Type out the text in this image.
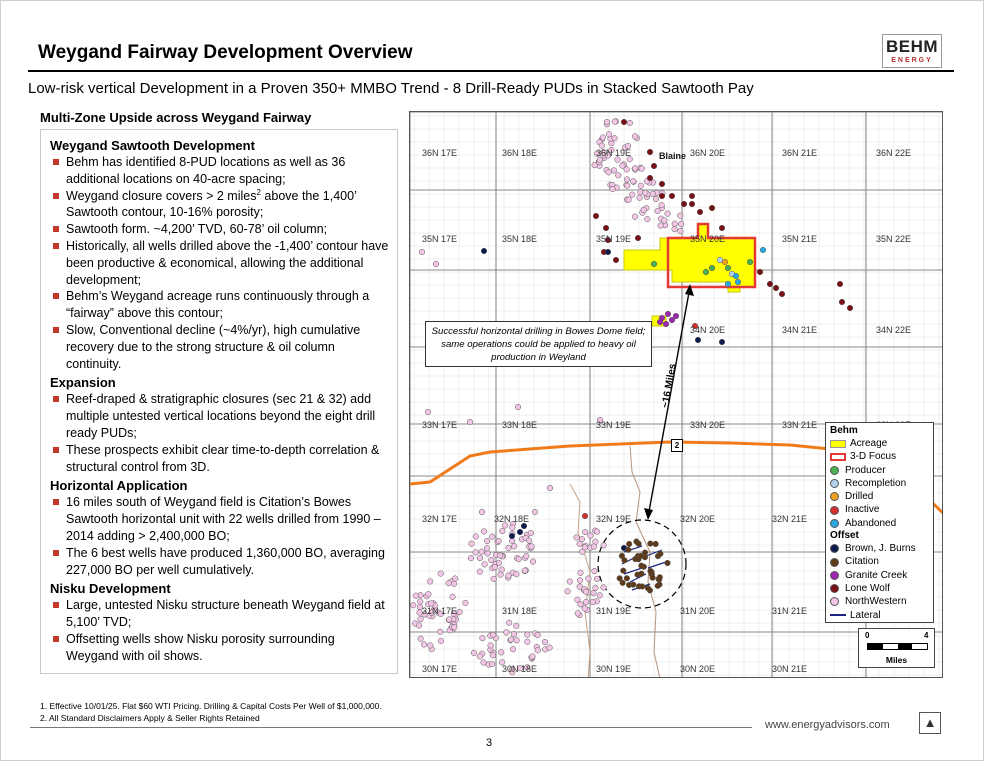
Weygand Fairway Development Overview	BEHM
ENERGY
Low-risk vertical Development in a Proven 350+ MMBO Trend - 8 Drill-Ready PUDs in Stacked Sawtooth Pay
Multi-Zone Upside across Weygand Fairway
Weygand Sawtooth Development
Behm has identified 8-PUD locations as well as 36 additional locations on 40-acre spacing;
Weygand closure covers > 2 miles$^2$ above the 1,400’ Sawtooth contour, 10-16% porosity;
Sawtooth form. ~4,200’ TVD, 60-78’ oil column;
Historically, all wells drilled above the -1,400’ contour have been productive & economical, allowing the additional development;
Behm’s Weygand acreage runs continuously through a “fairway” above this contour;
Slow, Conventional decline (~4%/yr), high cumulative recovery due to the strong structure & oil column continuity.
Expansion
Reef-draped & stratigraphic closures (sec 21 & 32) add multiple untested vertical locations beyond the eight drill ready PUDs;
These prospects exhibit clear time-to-depth correlation & structural control from 3D.
Horizontal Application
16 miles south of Weygand field is Citation’s Bowes Sawtooth horizontal unit with 22 wells drilled from 1990 – 2014 adding > 2,400,000 BO;
The 6 best wells have produced 1,360,000 BO, averaging 227,000 BO per well cumulatively.
Nisku Development
Large, untested Nisku structure beneath Weygand field at 5,100’ TVD;
Offsetting wells show Nisku porosity surrounding Weygand with oil shows.
36N 17E	36N 18E	36N 19E	36N 20E	36N 21E	36N 22E
35N 17E	35N 18E	35N 19E	35N 20E	35N 21E	35N 22E
34N 20E	34N 21E	34N 22E
33N 17E	33N 18E	33N 19E	33N 20E	33N 21E
32N 17E	32N 18E	32N 19E	32N 20E	32N 21E
31N 17E	31N 18E	31N 19E	31N 20E	31N 21E
30N 17E	30N 18E	30N 19E	30N 20E	30N 21E
Blaine
Successful horizontal drilling in Bowes Dome field; same operations could be applied to heavy oil production in Weyland
~16 Miles
2
Behm
Acreage
3-D Focus
Producer
Recompletion
Drilled
Inactive
Abandoned
Offset
Brown, J. Burns
Citation
Granite Creek
Lone Wolf
NorthWestern
Lateral
0	4
Miles
1. Effective 10/01/25. Flat $60 WTI Pricing. Drilling & Capital Costs Per Well of $1,000,000.
2. All Standard Disclaimers Apply & Seller Rights Retained
www.energyadvisors.com	▲
3
